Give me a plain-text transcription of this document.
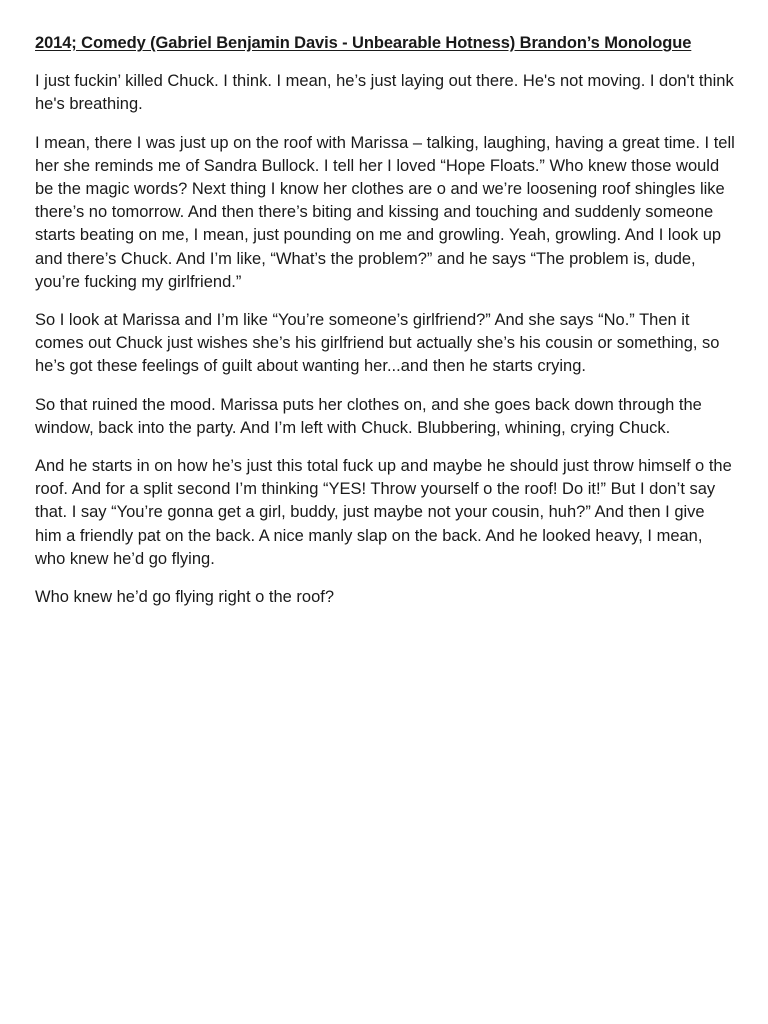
2014; Comedy (Gabriel Benjamin Davis - Unbearable Hotness) Brandon’s Monologue

I just fuckin’ killed Chuck. I think. I mean, he’s just laying out there. He's not moving. I don't think he's breathing.

I mean, there I was just up on the roof with Marissa – talking, laughing, having a great time. I tell her she reminds me of Sandra Bullock. I tell her I loved “Hope Floats.” Who knew those would be the magic words? Next thing I know her clothes are o and we’re loosening roof shingles like there’s no tomorrow. And then there’s biting and kissing and touching and suddenly someone starts beating on me, I mean, just pounding on me and growling. Yeah, growling. And I look up and there’s Chuck. And I’m like, “What’s the problem?” and he says “The problem is, dude, you’re fucking my girlfriend.”

So I look at Marissa and I’m like “You’re someone’s girlfriend?” And she says “No.” Then it comes out Chuck just wishes she’s his girlfriend but actually she’s his cousin or something, so he’s got these feelings of guilt about wanting her...and then he starts crying.

So that ruined the mood. Marissa puts her clothes on, and she goes back down through the window, back into the party. And I’m left with Chuck. Blubbering, whining, crying Chuck.

And he starts in on how he’s just this total fuck up and maybe he should just throw himself o the roof. And for a split second I’m thinking “YES! Throw yourself o the roof! Do it!” But I don’t say that. I say “You’re gonna get a girl, buddy, just maybe not your cousin, huh?” And then I give him a friendly pat on the back. A nice manly slap on the back. And he looked heavy, I mean, who knew he’d go flying.

Who knew he’d go flying right o the roof?
